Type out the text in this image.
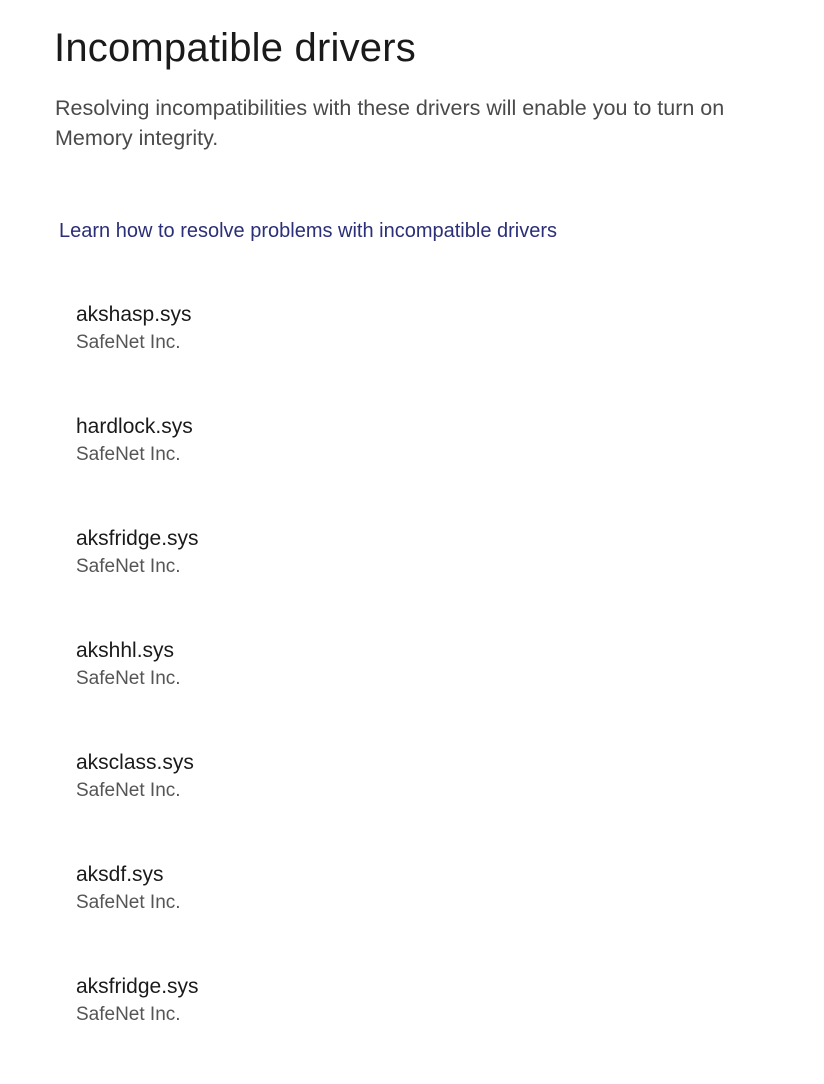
Incompatible drivers

Resolving incompatibilities with these drivers will enable you to turn on Memory integrity.

Learn how to resolve problems with incompatible drivers
akshasp.sys
SafeNet Inc.
hardlock.sys
SafeNet Inc.
aksfridge.sys
SafeNet Inc.
akshhl.sys
SafeNet Inc.
aksclass.sys
SafeNet Inc.
aksdf.sys
SafeNet Inc.
aksfridge.sys
SafeNet Inc.
